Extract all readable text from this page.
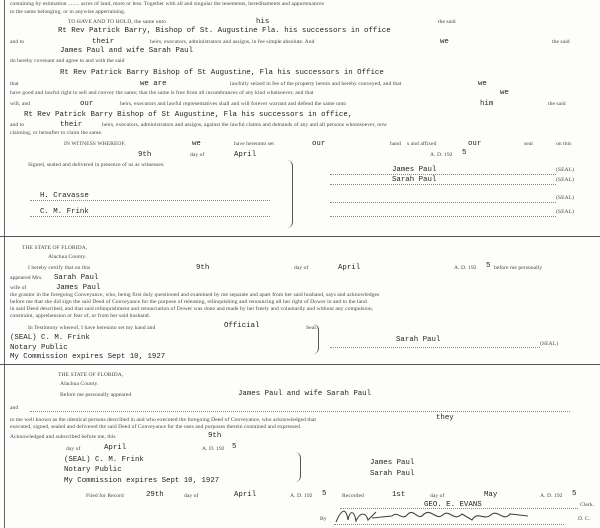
containing by estimation ........ acres of land, more or less. Together with all and singular the tenements, hereditaments and appurtenances
to the same belonging, or in anywise appertaining.
TO HAVE AND TO HOLD, the same unto	his	the said
Rt Rev Patrick Barry, Bishop of St. Augustine Fla. his successors in office
and to	their	heirs, executors, administrators and assigns, in fee simple absolute. And	we	the said
James Paul and wife Sarah Paul
do hereby covenant and agree to and with the said
Rt Rev Patrick Barry Bishop of St Augustine, Fla his successors in Office
that	we are	lawfully seized in fee of the property herein and hereby conveyed, and that	we
have good and lawful right to sell and convey the same; that the same is free from all incumbrances of any kind whatsoever, and that	we
will, and	our	heirs, executors and lawful representatives shall and will forever warrant and defend the same unto	him	the said
Rt Rev Patrick Barry Bishop of St Augustine, Fla his successors in office,
and to	their	heirs, executors, administrators and assigns, against the lawful claims and demands of any and all persons whomsoever, now
claiming, or hereafter to claim the same.
IN WITNESS WHEREOF,	we	have hereunto set	our	hand s and affixed	our	seal	on this
9th	day of	April	A. D. 192 5
Signed, sealed and delivered in presence of us as witnesses:
James Paul	(SEAL)
Sarah Paul	(SEAL)
(SEAL)
(SEAL)
H. Cravasse
C. M. Frink
THE STATE OF FLORIDA,
Alachua County.
I hereby certify that on this	9th	day of	April	A. D. 192 5 before me personally
appeared Mrs. Sarah Paul
wife of	James Paul
the grantor in the foregoing Conveyance, who, being first duly questioned and examined by me separate and apart from her said husband, says and acknowledges
before me that she did sign the said Deed of Conveyance for the purpose of releasing, relinquishing and renouncing all her right of Dower in and to the land
in said Deed described, and that said relinquishment and renunciation of Dower was done and made by her freely and voluntarily and without any compulsion,
constraint, apprehension or fear of, or from her said husband.
In Testimony whereof, I have hereunto set my hand and	Official	Seal.
(SEAL) C. M. Frink
Notary Public
My Commission expires Sept 10, 1927
Sarah Paul	(SEAL)
THE STATE OF FLORIDA,
Alachua County.
Before me personally appeared	James Paul and wife Sarah Paul
and
to me well known as the identical persons described in and who executed the foregoing Deed of Conveyance, who acknowledged that	they
executed, signed, sealed and delivered the said Deed of Conveyance for the uses and purposes therein contained and expressed.
Acknowledged and subscribed before me, this	9th
day of	April	A. D. 192 5
(SEAL) C. M. Frink
Notary Public
My Commission expires Sept 10, 1927
James Paul
Sarah Paul
Filed for Record	29th	day of	April	A. D. 192 5	Recorded	1st	day of	May	A. D. 192 5
GEO. E. EVANS	Clerk.
By	D. C.
